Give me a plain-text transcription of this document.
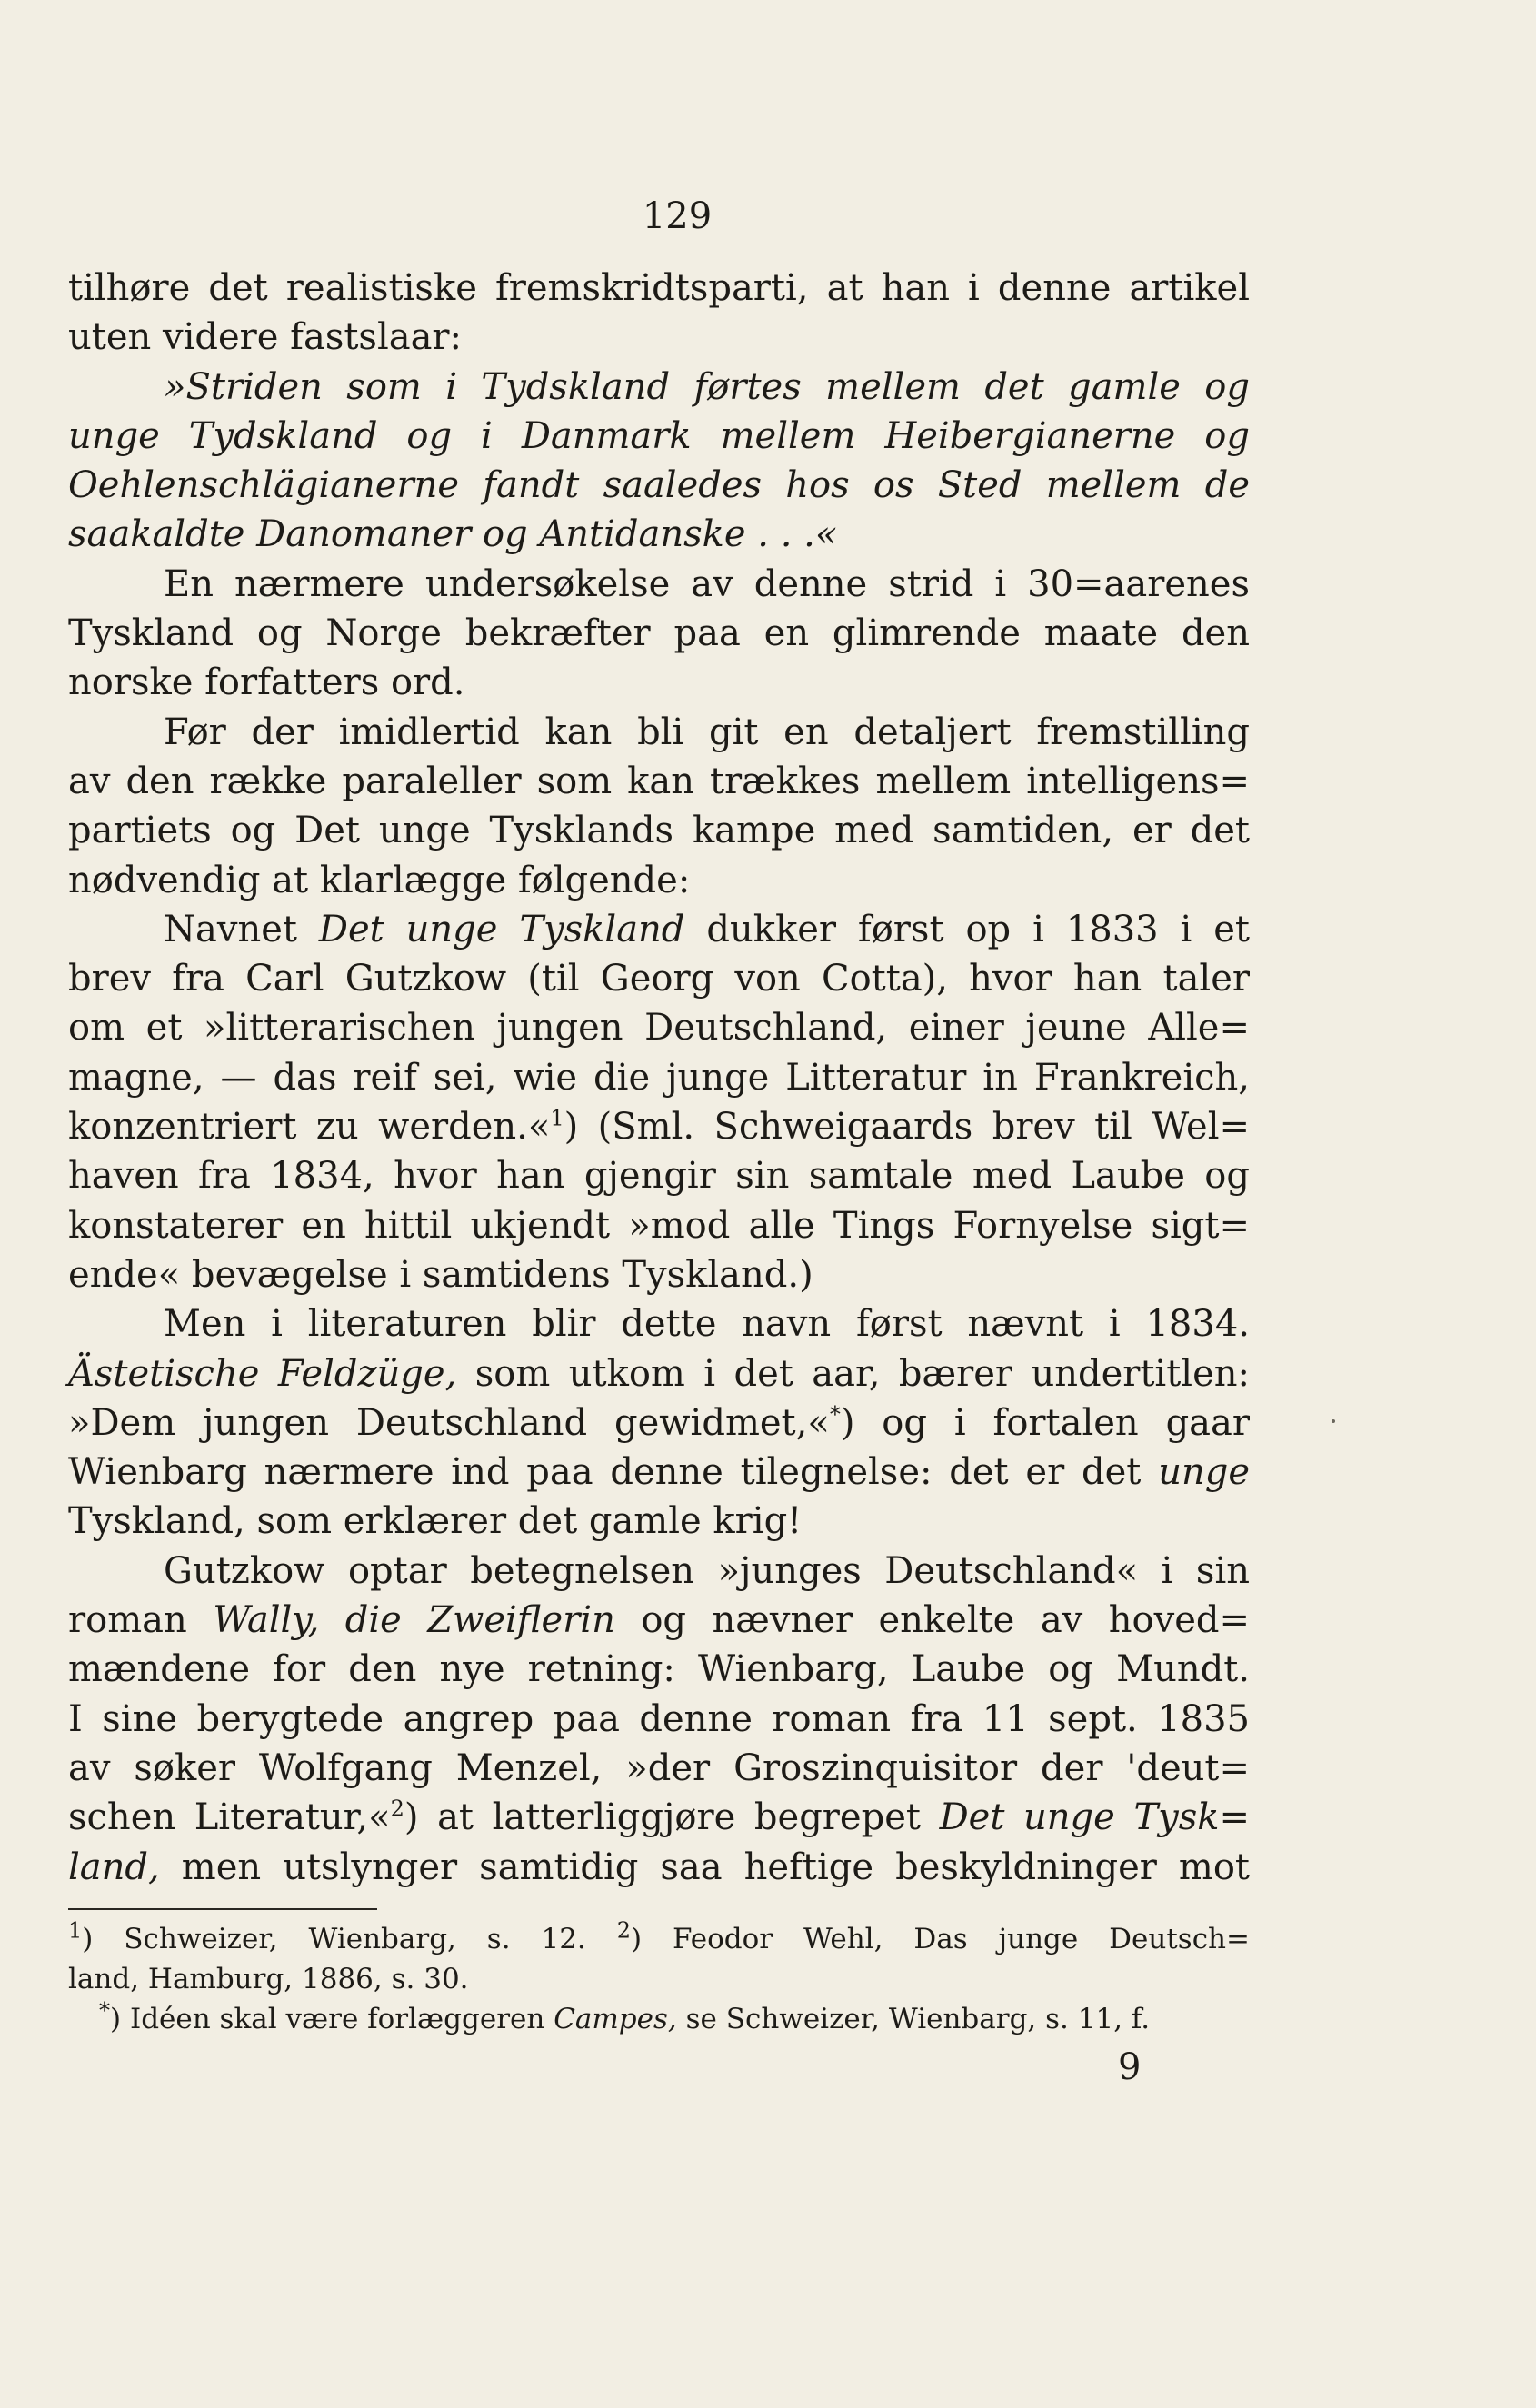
129
tilhøre det realistiske fremskridtsparti, at han i denne artikel
uten videre fastslaar:
»Striden som i Tydskland førtes mellem det gamle og
unge Tydskland og i Danmark mellem Heibergianerne og
Oehlenschlägianerne fandt saaledes hos os Sted mellem de
saakaldte Danomaner og Antidanske . . .«
En nærmere undersøkelse av denne strid i 30=aarenes
Tyskland og Norge bekræfter paa en glimrende maate den
norske forfatters ord.
Før der imidlertid kan bli git en detaljert fremstilling
av den række paraleller som kan trækkes mellem intelligens=
partiets og Det unge Tysklands kampe med samtiden, er det
nødvendig at klarlægge følgende:
Navnet Det unge Tyskland dukker først op i 1833 i et
brev fra Carl Gutzkow (til Georg von Cotta), hvor han taler
om et »litterarischen jungen Deutschland, einer jeune Alle=
magne, — das reif sei, wie die junge Litteratur in Frankreich,
konzentriert zu werden.«$^1$) (Sml. Schweigaards brev til Wel=
haven fra 1834, hvor han gjengir sin samtale med Laube og
konstaterer en hittil ukjendt »mod alle Tings Fornyelse sigt=
ende« bevægelse i samtidens Tyskland.)
Men i literaturen blir dette navn først nævnt i 1834.
Ästetische Feldzüge, som utkom i det aar, bærer undertitlen:
»Dem jungen Deutschland gewidmet,«*) og i fortalen gaar
Wienbarg nærmere ind paa denne tilegnelse: det er det unge
Tyskland, som erklærer det gamle krig!
Gutzkow optar betegnelsen »junges Deutschland« i sin
roman Wally, die Zweiflerin og nævner enkelte av hoved=
mændene for den nye retning: Wienbarg, Laube og Mundt.
I sine berygtede angrep paa denne roman fra 11 sept. 1835
av søker Wolfgang Menzel, »der Groszinquisitor der 'deut=
schen Literatur,«$^2$) at latterliggjøre begrepet Det unge Tysk=
land, men utslynger samtidig saa heftige beskyldninger mot
$^1$) Schweizer, Wienbarg, s. 12. $^2$) Feodor Wehl, Das junge Deutsch=
land, Hamburg, 1886, s. 30.
*) Idéen skal være forlæggeren Campes, se Schweizer, Wienbarg, s. 11, f.
9
